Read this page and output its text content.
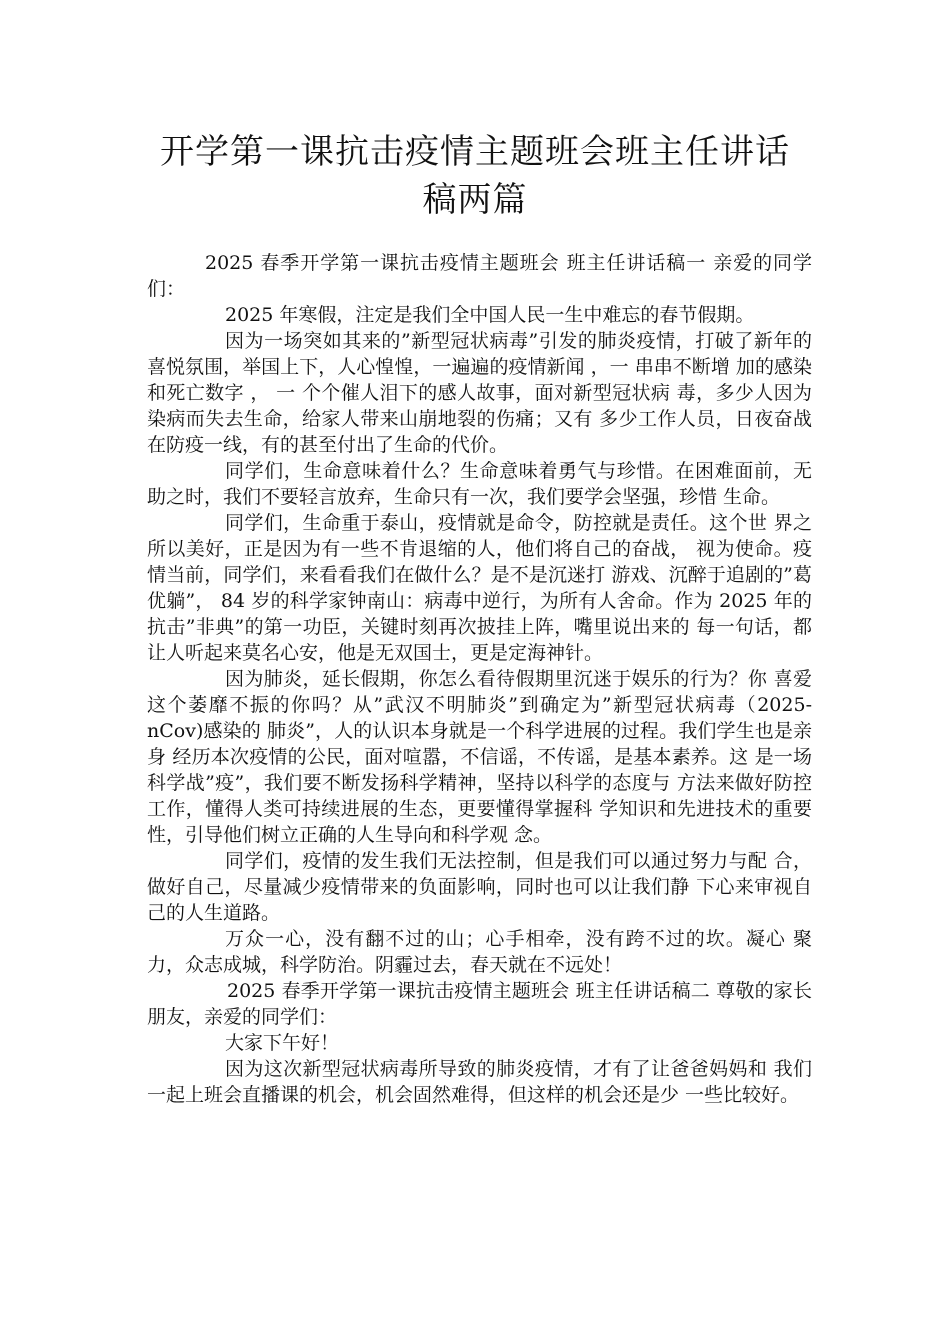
开学第一课抗击疫情主题班会班主任讲话
稿两篇

2025 春季开学第一课抗击疫情主题班会 班主任讲话稿一 亲爱的同学们：

2025 年寒假，注定是我们全中国人民一生中难忘的春节假期。

因为一场突如其来的”新型冠状病毒”引发的肺炎疫情，打破了新年的 喜悦氛围，举国上下，人心惶惶，一遍遍的疫情新闻 ，一 串串不断增 加的感染和死亡数字 ， 一 个个催人泪下的感人故事，面对新型冠状病 毒，多少人因为染病而失去生命，给家人带来山崩地裂的伤痛；又有 多少工作人员，日夜奋战在防疫一线，有的甚至付出了生命的代价。

同学们，生命意味着什么？生命意味着勇气与珍惜。在困难面前，无 助之时，我们不要轻言放弃，生命只有一次，我们要学会坚强，珍惜 生命。

同学们，生命重于泰山，疫情就是命令，防控就是责任。这个世 界之所以美好，正是因为有一些不肯退缩的人，他们将自己的奋战， 视为使命。疫情当前，同学们，来看看我们在做什么？是不是沉迷打 游戏、沉醉于追剧的”葛优躺”， 84 岁的科学家钟南山：病毒中逆行，为所有人舍命。作为 2025 年的抗击”非典”的第一功臣，关键时刻再次披挂上阵，嘴里说出来的 每一句话，都让人听起来莫名心安，他是无双国士，更是定海神针。

因为肺炎，延长假期，你怎么看待假期里沉迷于娱乐的行为？你 喜爱这个萎靡不振的你吗？从”武汉不明肺炎”到确定为”新型冠状病毒（2025-nCov)感染的 肺炎”，人的认识本身就是一个科学进展的过程。我们学生也是亲身 经历本次疫情的公民，面对喧嚣，不信谣，不传谣，是基本素养。这 是一场科学战”疫”，我们要不断发扬科学精神，坚持以科学的态度与 方法来做好防控工作，懂得人类可持续进展的生态，更要懂得掌握科 学知识和先进技术的重要性，引导他们树立正确的人生导向和科学观 念。

同学们，疫情的发生我们无法控制，但是我们可以通过努力与配 合，做好自己，尽量减少疫情带来的负面影响，同时也可以让我们静 下心来审视自己的人生道路。

万众一心，没有翻不过的山；心手相牵，没有跨不过的坎。凝心 聚力，众志成城，科学防治。阴霾过去，春天就在不远处！

2025 春季开学第一课抗击疫情主题班会 班主任讲话稿二 尊敬的家长朋友，亲爱的同学们：

大家下午好！

因为这次新型冠状病毒所导致的肺炎疫情，才有了让爸爸妈妈和 我们一起上班会直播课的机会，机会固然难得，但这样的机会还是少 一些比较好。
